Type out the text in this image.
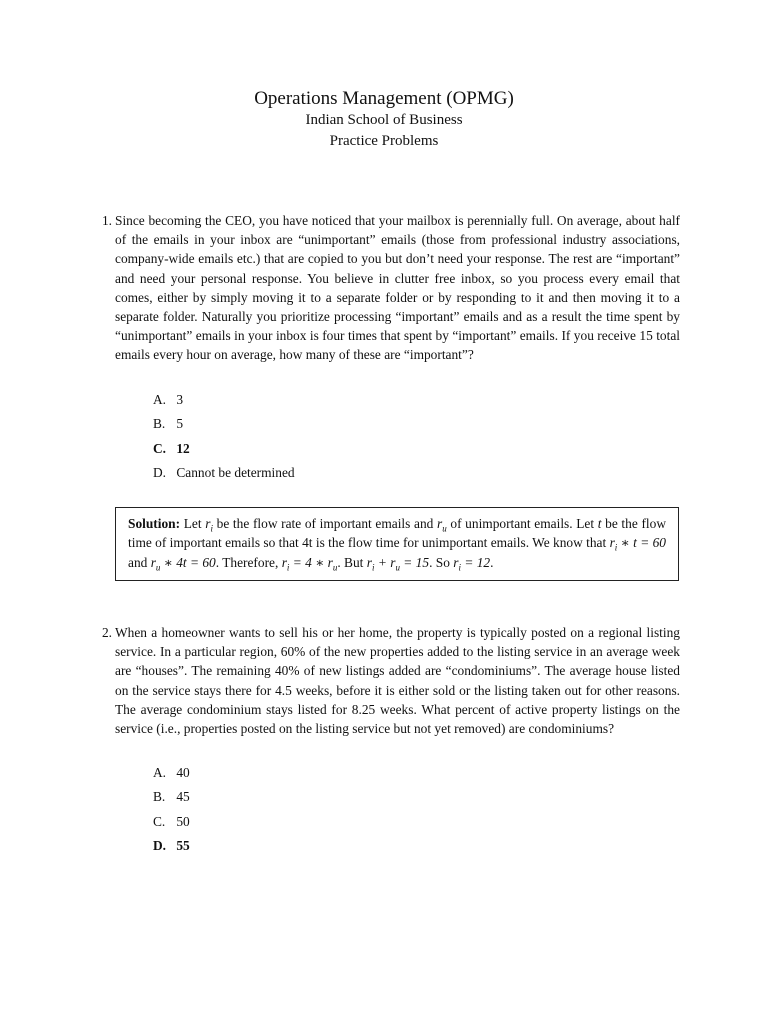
Operations Management (OPMG)
Indian School of Business
Practice Problems
1. Since becoming the CEO, you have noticed that your mailbox is perennially full. On average, about half of the emails in your inbox are “unimportant” emails (those from professional industry associations, company-wide emails etc.) that are copied to you but don’t need your response. The rest are “important” and need your personal response. You believe in clutter free inbox, so you process every email that comes, either by simply moving it to a separate folder or by responding to it and then moving it to a separate folder. Naturally you prioritize processing “important” emails and as a result the time spent by “unimportant” emails in your inbox is four times that spent by “important” emails. If you receive 15 total emails every hour on average, how many of these are “important”?
A. 3
B. 5
C. 12
D. Cannot be determined
Solution: Let $r_i$ be the flow rate of important emails and $r_u$ of unimportant emails. Let t be the flow time of important emails so that 4t is the flow time for unimportant emails. We know that $r_i$ ∗ t = 60 and $r_u$ ∗ 4t = 60. Therefore, $r_i = 4$ ∗ $r_u$. But $r_i + r_u = 15$. So $r_i = 12$.
2. When a homeowner wants to sell his or her home, the property is typically posted on a regional listing service. In a particular region, 60% of the new properties added to the listing service in an average week are “houses”. The remaining 40% of new listings added are “condominiums”. The average house listed on the service stays there for 4.5 weeks, before it is either sold or the listing taken out for other reasons. The average condominium stays listed for 8.25 weeks. What percent of active property listings on the service (i.e., properties posted on the listing service but not yet removed) are condominiums?
A. 40
B. 45
C. 50
D. 55
